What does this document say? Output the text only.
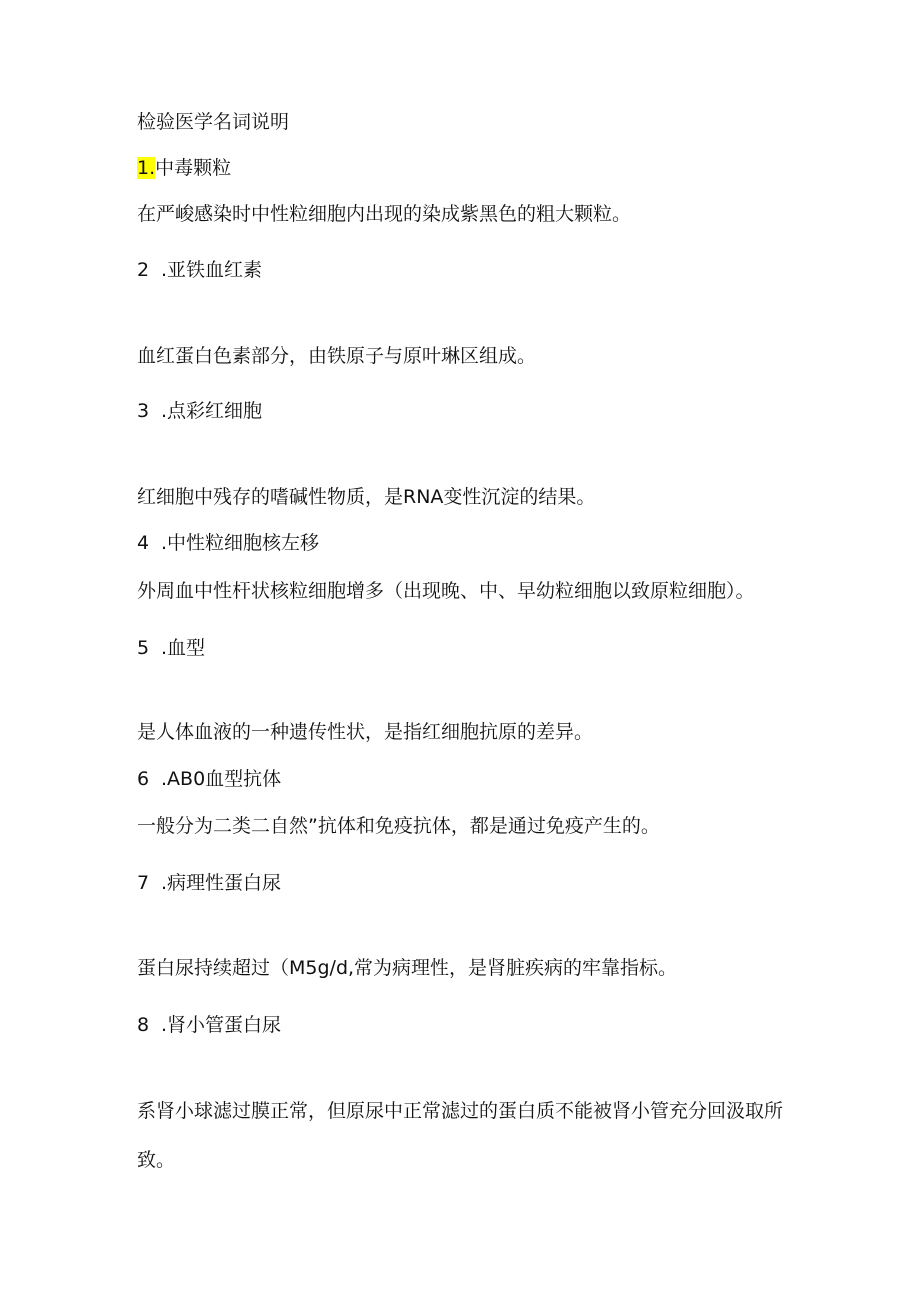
检验医学名词说明
1.中毒颗粒
在严峻感染时中性粒细胞内出现的染成紫黑色的粗大颗粒。
2 .亚铁血红素
血红蛋白色素部分，由铁原子与原叶琳区组成。
3 .点彩红细胞
红细胞中残存的嗜碱性物质，是RNA变性沉淀的结果。
4 .中性粒细胞核左移
外周血中性杆状核粒细胞增多（出现晚、中、早幼粒细胞以致原粒细胞）。
5 .血型
是人体血液的一种遗传性状，是指红细胞抗原的差异。
6 .AB0血型抗体
一般分为二类二自然”抗体和免疫抗体，都是通过免疫产生的。
7 .病理性蛋白尿
蛋白尿持续超过（M5g∕d,常为病理性，是肾脏疾病的牢靠指标。
8 .肾小管蛋白尿
系肾小球滤过膜正常，但原尿中正常滤过的蛋白质不能被肾小管充分回汲取所
致。
